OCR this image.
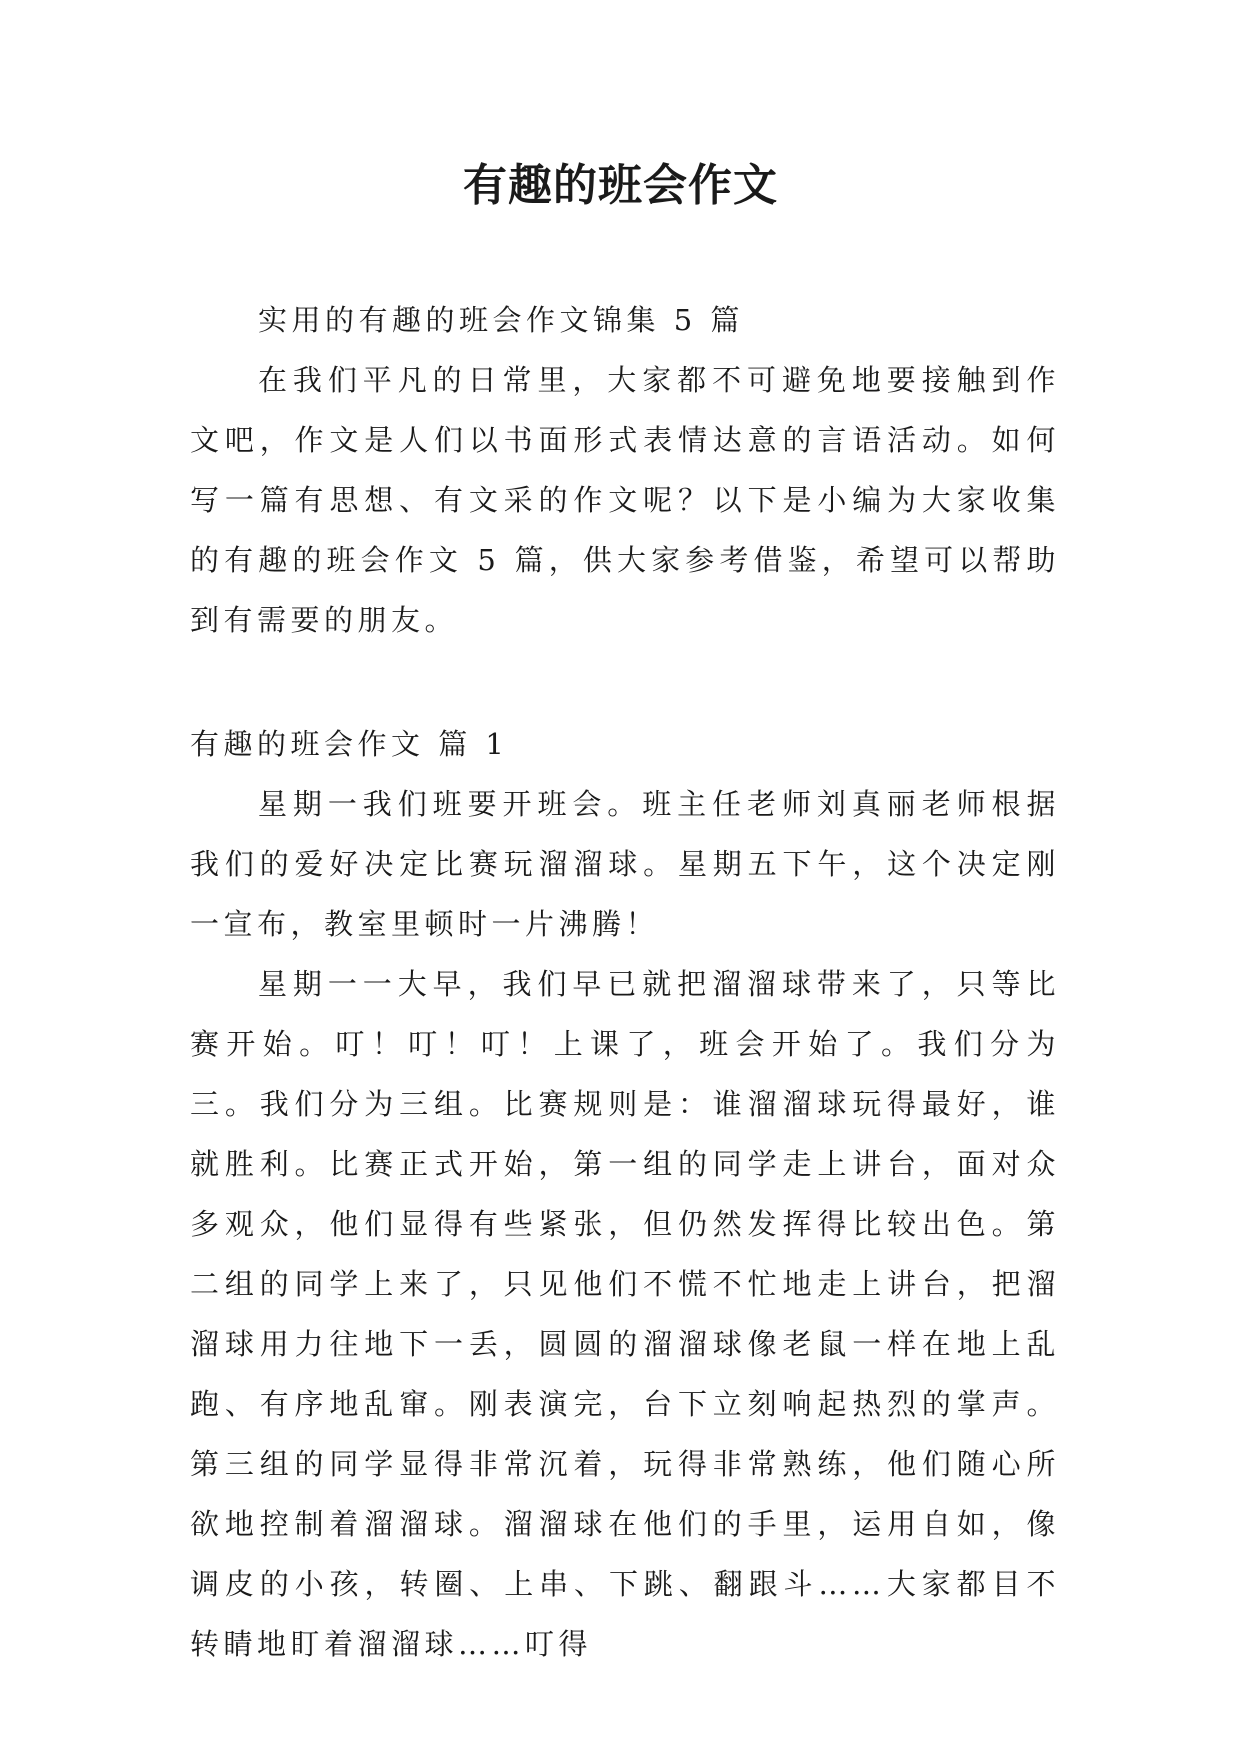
有趣的班会作文

实用的有趣的班会作文锦集 5 篇

在我们平凡的日常里，大家都不可避免地要接触到作文吧，作文是人们以书面形式表情达意的言语活动。如何写一篇有思想、有文采的作文呢？以下是小编为大家收集的有趣的班会作文 5 篇，供大家参考借鉴，希望可以帮助到有需要的朋友。

有趣的班会作文 篇 1

星期一我们班要开班会。班主任老师刘真丽老师根据我们的爱好决定比赛玩溜溜球。星期五下午，这个决定刚一宣布，教室里顿时一片沸腾！

星期一一大早，我们早已就把溜溜球带来了，只等比赛开始。叮！叮！叮！上课了，班会开始了。我们分为三。我们分为三组。比赛规则是：谁溜溜球玩得最好，谁就胜利。比赛正式开始，第一组的同学走上讲台，面对众多观众，他们显得有些紧张，但仍然发挥得比较出色。第二组的同学上来了，只见他们不慌不忙地走上讲台，把溜溜球用力往地下一丢，圆圆的溜溜球像老鼠一样在地上乱跑、有序地乱窜。刚表演完，台下立刻响起热烈的掌声。第三组的同学显得非常沉着，玩得非常熟练，他们随心所欲地控制着溜溜球。溜溜球在他们的手里，运用自如，像调皮的小孩，转圈、上串、下跳、翻跟斗……大家都目不转睛地盯着溜溜球……叮得
